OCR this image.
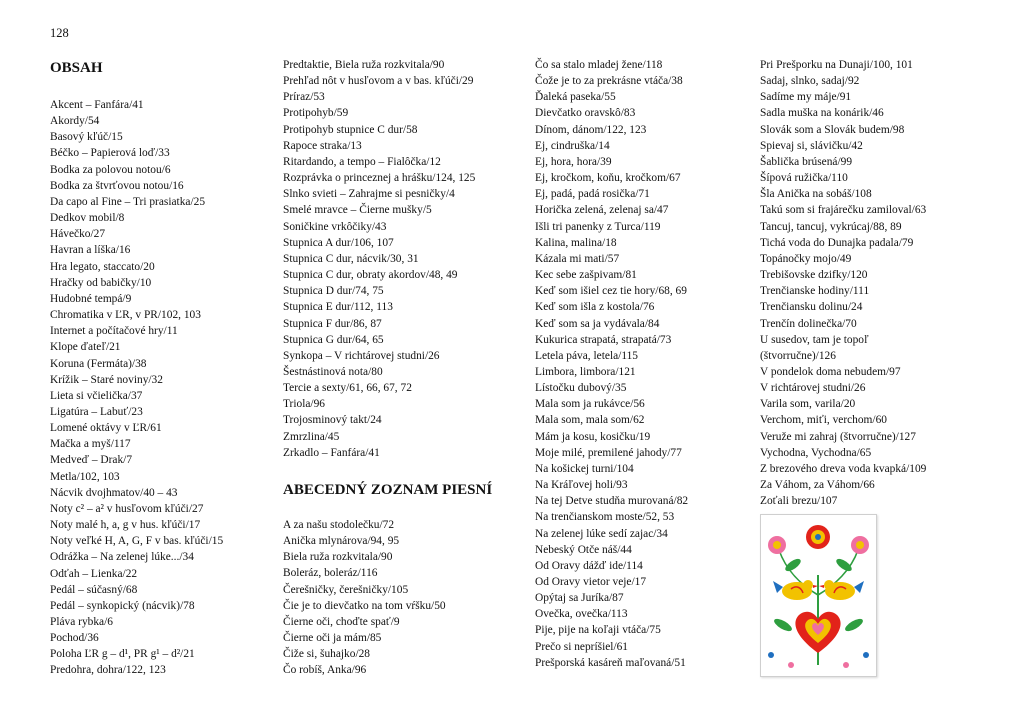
128
OBSAH
Akcent – Fanfára/41
Akordy/54
Basový kľúč/15
Béčko – Papierová loď/33
Bodka za polovou notou/6
Bodka za štvrťovou notou/16
Da capo al Fine – Tri prasiatka/25
Dedkov mobil/8
Hávečko/27
Havran a líška/16
Hra legato, staccato/20
Hračky od babičky/10
Hudobné tempá/9
Chromatika v ĽR, v PR/102, 103
Internet a počítačové hry/11
Klope ďateľ/21
Koruna (Fermáta)/38
Krížik – Staré noviny/32
Lieta si včielička/37
Ligatúra – Labuť/23
Lomené oktávy v ĽR/61
Mačka a myš/117
Medveď – Drak/7
Metla/102, 103
Nácvik dvojhmatov/40 – 43
Noty c² – a² v husľovom kľúči/27
Noty malé h, a, g v hus. kľúči/17
Noty veľké H, A, G, F v bas. kľúči/15
Odrážka – Na zelenej lúke.../34
Odťah – Lienka/22
Pedál – súčasný/68
Pedál – synkopický (nácvik)/78
Pláva rybka/6
Pochod/36
Poloha ĽR g – d¹, PR g¹ – d²/21
Predohra, dohra/122, 123
Predtaktie, Biela ruža rozkvitala/90
Prehľad nôt v husľovom a v bas. kľúči/29
Príraz/53
Protipohyb/59
Protipohyb stupnice C dur/58
Rapoce straka/13
Ritardando, a tempo – Fialôčka/12
Rozprávka o princeznej a hrášku/124, 125
Slnko svieti – Zahrajme si pesničky/4
Smelé mravce – Čierne mušky/5
Soničkine vrkôčiky/43
Stupnica A dur/106, 107
Stupnica C dur, nácvik/30, 31
Stupnica C dur, obraty akordov/48, 49
Stupnica D dur/74, 75
Stupnica E dur/112, 113
Stupnica F dur/86, 87
Stupnica G dur/64, 65
Synkopa – V richtárovej studni/26
Šestnástinová nota/80
Tercie a sexty/61, 66, 67, 72
Triola/96
Trojosminový takt/24
Zmrzlina/45
Zrkadlo – Fanfára/41
ABECEDNÝ ZOZNAM PIESNÍ
A za našu stodolečku/72
Anička mlynárova/94, 95
Biela ruža rozkvitala/90
Boleráz, boleráz/116
Čerešničky, čerešničky/105
Čie je to dievčatko na tom vŕšku/50
Čierne oči, choďte spať/9
Čierne oči ja mám/85
Čiže si, šuhajko/28
Čo robíš, Anka/96
Čo sa stalo mladej žene/118
Čože je to za prekrásne vtáča/38
Ďaleká paseka/55
Dievčatko oravskô/83
Dínom, dánom/122, 123
Ej, cindruška/14
Ej, hora, hora/39
Ej, kročkom, koňu, kročkom/67
Ej, padá, padá rosička/71
Horička zelená, zelenaj sa/47
Išli tri panenky z Turca/119
Kalina, malina/18
Kázala mi mati/57
Kec sebe zašpivam/81
Keď som išiel cez tie hory/68, 69
Keď som išla z kostola/76
Keď som sa ja vydávala/84
Kukurica strapatá, strapatá/73
Letela páva, letela/115
Limbora, limbora/121
Lístočku dubový/35
Mala som ja rukávce/56
Mala som, mala som/62
Mám ja kosu, kosičku/19
Moje milé, premilené jahody/77
Na košickej turni/104
Na Kráľovej holi/93
Na tej Detve studňa murovaná/82
Na trenčianskom moste/52, 53
Na zelenej lúke sedí zajac/34
Nebeský Otče náš/44
Od Oravy dážď ide/114
Od Oravy vietor veje/17
Opýtaj sa Juríka/87
Ovečka, ovečka/113
Pije, pije na koľaji vtáča/75
Prečo si nepríšiel/61
Prešporská kasáreň maľovaná/51
Pri Prešporku na Dunaji/100, 101
Sadaj, slnko, sadaj/92
Sadíme my máje/91
Sadla muška na konárik/46
Slovák som a Slovák budem/98
Spievaj si, slávičku/42
Šablička brúsená/99
Šípová ružička/110
Šla Anička na sobáš/108
Takú som si frajárečku zamiloval/63
Tancuj, tancuj, vykrúcaj/88, 89
Tichá voda do Dunajka padala/79
Topánočky mojo/49
Trebišovske dzifky/120
Trenčianske hodiny/111
Trenčiansku dolinu/24
Trenčín dolinečka/70
U susedov, tam je topoľ
(štvorručne)/126
V pondelok doma nebudem/97
V richtárovej studni/26
Varila som, varila/20
Verchom, miťi, verchom/60
Veruže mi zahraj (štvorručne)/127
Vychodna, Vychodna/65
Z brezového dreva voda kvapká/109
Za Váhom, za Váhom/66
Zoťali brezu/107
